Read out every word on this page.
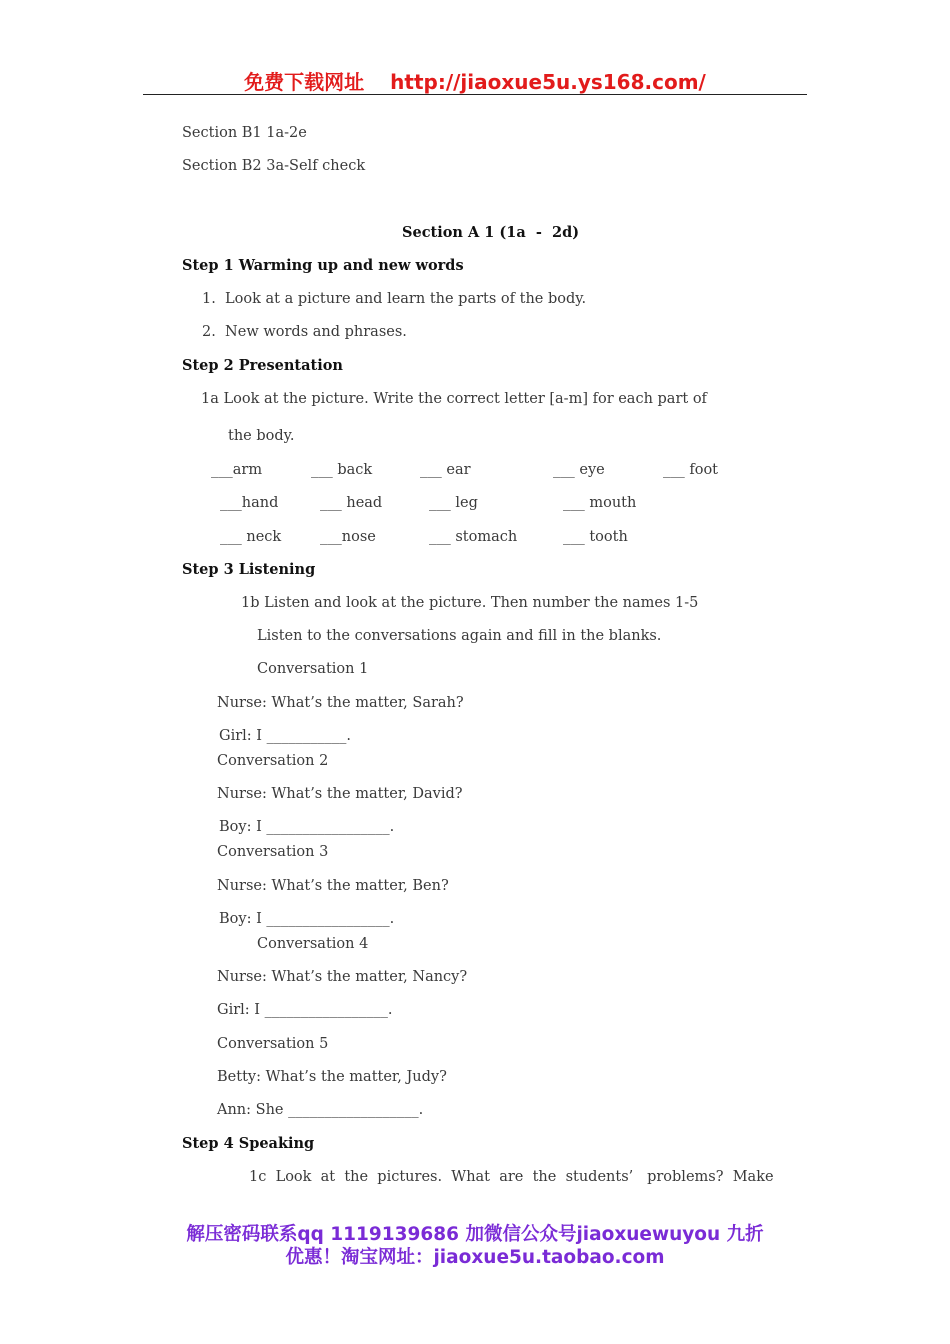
免费下载网址 http://jiaoxue5u.ys168.com/
Section B1 1a-2e
Section B2 3a-Self check
Section A 1 (1a  -  2d)
Step 1 Warming up and new words
1.  Look at a picture and learn the parts of the body.
2.  New words and phrases.
Step 2 Presentation
1a Look at the picture. Write the correct letter [a-m] for each part of
the body.
___arm	___ back	___ ear	___ eye	___ foot
___hand	___ head	___ leg	___ mouth
___ neck	___nose	___ stomach	___ tooth
Step 3 Listening
1b Listen and look at the picture. Then number the names 1-5
Listen to the conversations again and fill in the blanks.
Conversation 1
Nurse: What’s the matter, Sarah?
Girl: I ___________.
Conversation 2
Nurse: What’s the matter, David?
Boy: I _________________.
Conversation 3
Nurse: What’s the matter, Ben?
Boy: I _________________.
Conversation 4
Nurse: What’s the matter, Nancy?
Girl: I _________________.
Conversation 5
Betty: What’s the matter, Judy?
Ann: She __________________.
Step 4 Speaking
1c  Look  at  the  pictures.  What  are  the  students’   problems?  Make
解压密码联系qq 1119139686 加微信公众号jiaoxuewuyou 九折
优惠！淘宝网址：jiaoxue5u.taobao.com
